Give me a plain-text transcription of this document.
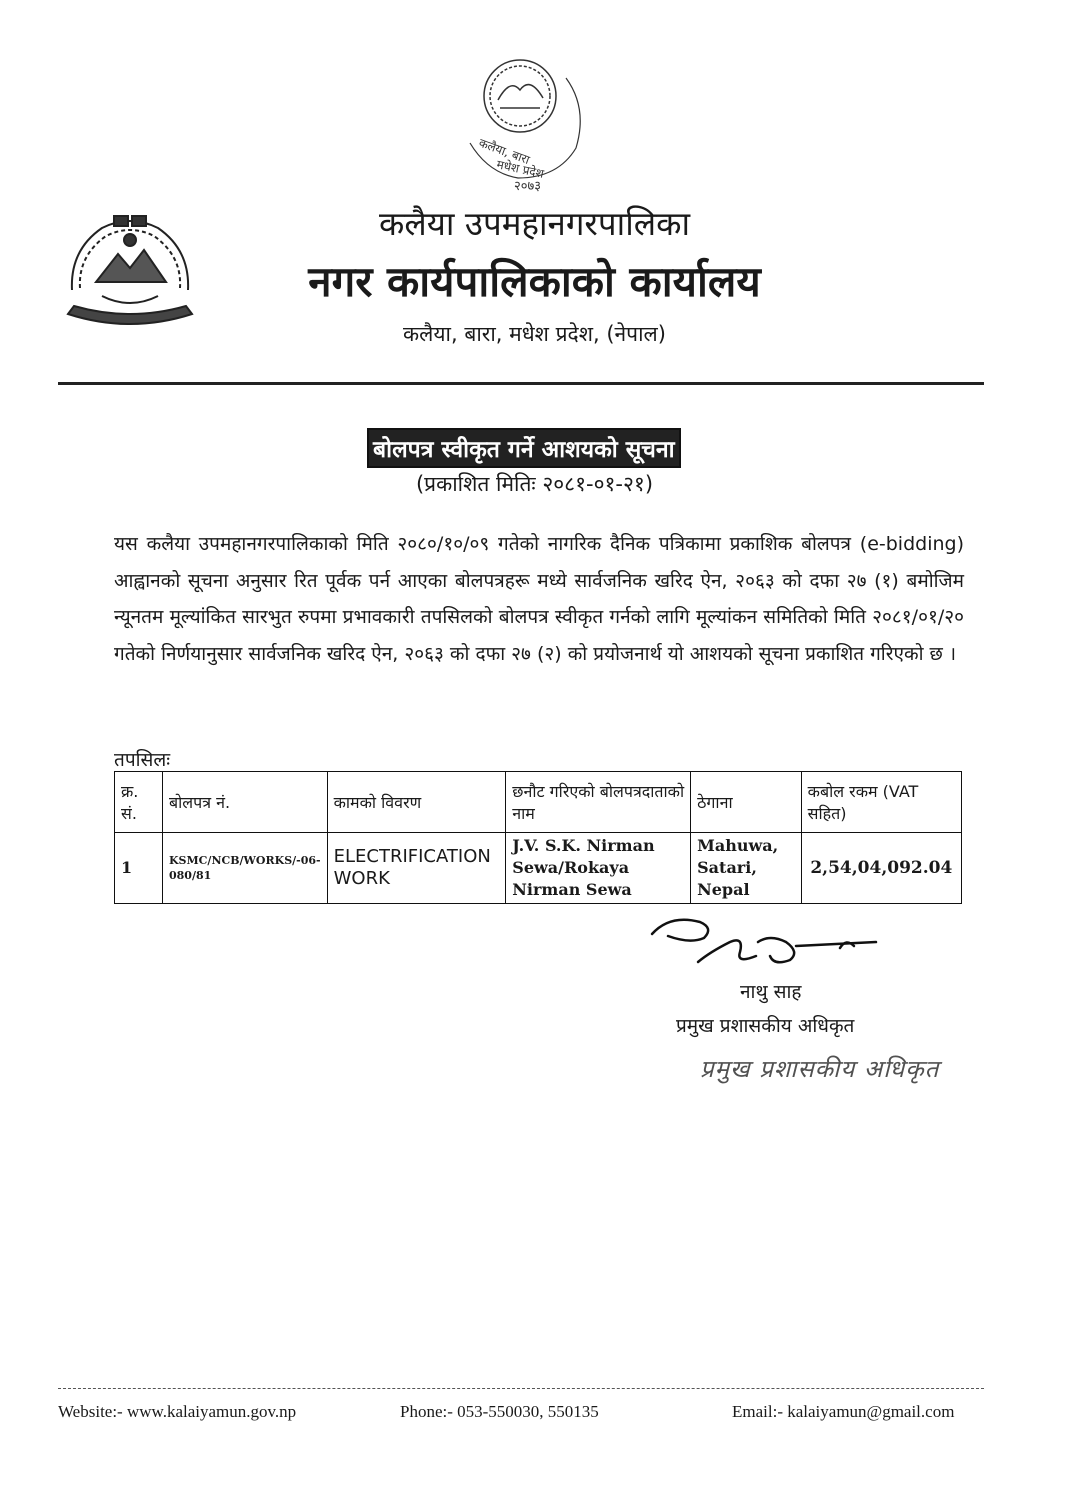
कलैया, बारा
मधेश प्रदेश
२०७३
कलैया उपमहानगरपालिका
नगर कार्यपालिकाको कार्यालय
कलैया, बारा, मधेश प्रदेश, (नेपाल)
बोलपत्र स्वीकृत गर्ने आशयको सूचना
(प्रकाशित मितिः २०८१-०१-२१)
यस कलैया उपमहानगरपालिकाको मिति २०८०/१०/०९ गतेको नागरिक दैनिक पत्रिकामा प्रकाशिक बोलपत्र (e-bidding) आह्वानको सूचना अनुसार रित पूर्वक पर्न आएका बोलपत्रहरू मध्ये सार्वजनिक खरिद ऐन, २०६३ को दफा २७ (१) बमोजिम न्यूनतम मूल्यांकित सारभुत रुपमा प्रभावकारी तपसिलको बोलपत्र स्वीकृत गर्नको लागि मूल्यांकन समितिको मिति २०८१/०१/२० गतेको निर्णयानुसार सार्वजनिक खरिद ऐन, २०६३ को दफा २७ (२) को प्रयोजनार्थ यो आशयको सूचना प्रकाशित गरिएको छ ।
तपसिलः
क्र. सं.	बोलपत्र नं.	कामको विवरण	छनौट गरिएको बोलपत्रदाताको नाम	ठेगाना	कबोल रकम (VAT सहित)
1	KSMC/NCB/WORKS/-06-080/81	ELECTRIFICATION WORK	J.V. S.K. Nirman Sewa/Rokaya Nirman Sewa	Mahuwa, Satari, Nepal	2,54,04,092.04
नाथु साह
प्रमुख प्रशासकीय अधिकृत
प्रमुख प्रशासकीय अधिकृत
Website:- www.kalaiyamun.gov.np	Phone:- 053-550030, 550135	Email:- kalaiyamun@gmail.com
